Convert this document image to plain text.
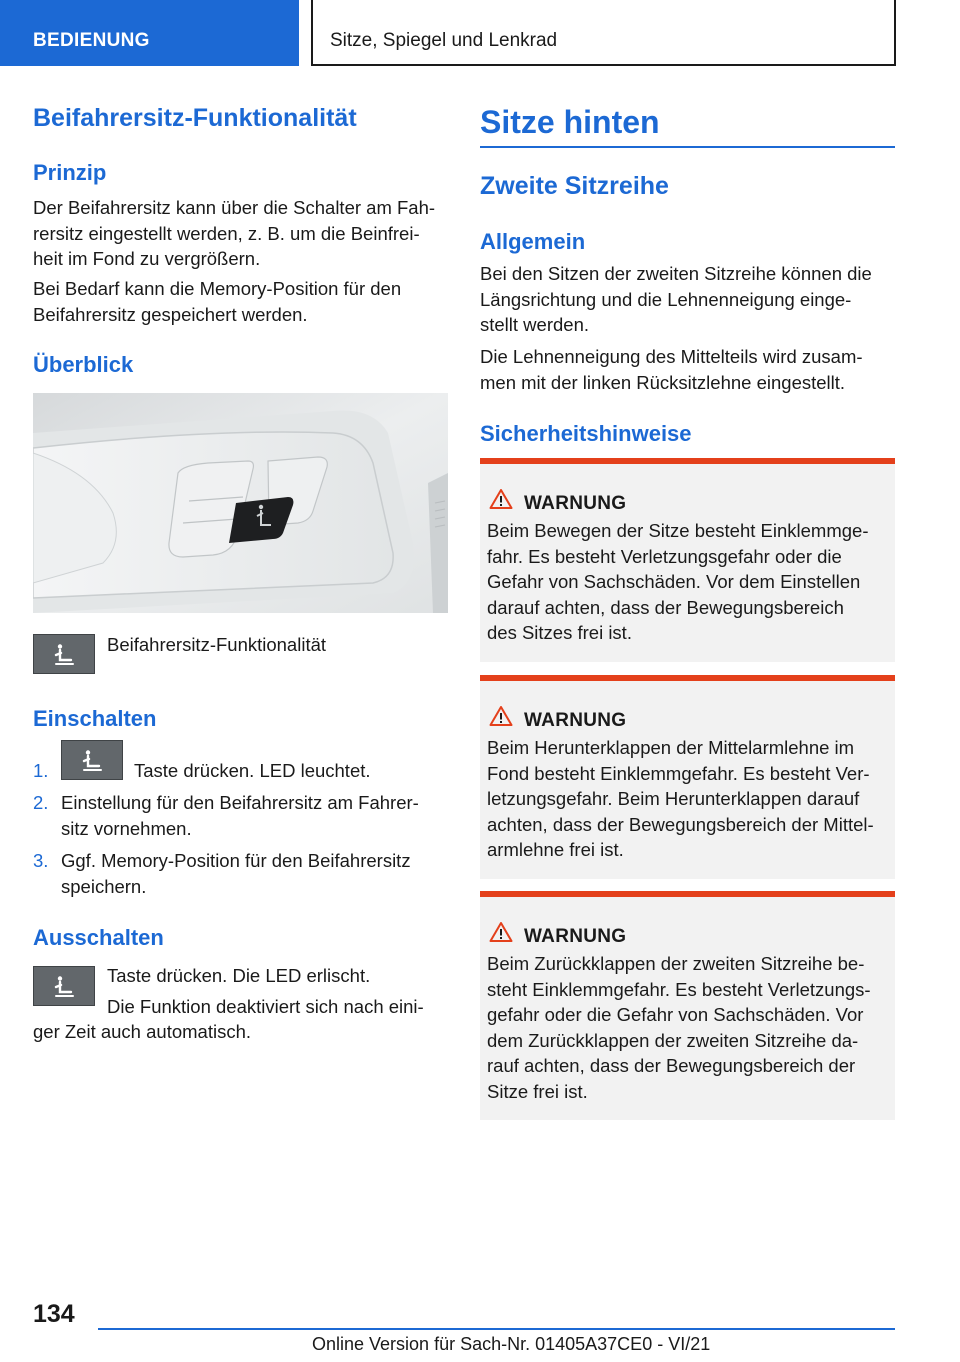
BEDIENUNG	Sitze, Spiegel und Lenkrad
Beifahrersitz-Funktionalität
Prinzip
Der Beifahrersitz kann über die Schalter am Fah-
rersitz eingestellt werden, z. B. um die Beinfrei-
heit im Fond zu vergrößern.
Bei Bedarf kann die Memory-Position für den
Beifahrersitz gespeichert werden.
Überblick
Beifahrersitz-Funktionalität
Einschalten
1.	Taste drücken. LED leuchtet.
2. Einstellung für den Beifahrersitz am Fahrer-
sitz vornehmen.
3. Ggf. Memory-Position für den Beifahrersitz
speichern.
Ausschalten
Taste drücken. Die LED erlischt.
Die Funktion deaktiviert sich nach eini-
ger Zeit auch automatisch.
Sitze hinten
Zweite Sitzreihe
Allgemein
Bei den Sitzen der zweiten Sitzreihe können die
Längsrichtung und die Lehnenneigung einge-
stellt werden.
Die Lehnenneigung des Mittelteils wird zusam-
men mit der linken Rücksitzlehne eingestellt.
Sicherheitshinweise
WARNUNG
Beim Bewegen der Sitze besteht Einklemmge-
fahr. Es besteht Verletzungsgefahr oder die
Gefahr von Sachschäden. Vor dem Einstellen
darauf achten, dass der Bewegungsbereich
des Sitzes frei ist.
WARNUNG
Beim Herunterklappen der Mittelarmlehne im
Fond besteht Einklemmgefahr. Es besteht Ver-
letzungsgefahr. Beim Herunterklappen darauf
achten, dass der Bewegungsbereich der Mittel-
armlehne frei ist.
WARNUNG
Beim Zurückklappen der zweiten Sitzreihe be-
steht Einklemmgefahr. Es besteht Verletzungs-
gefahr oder die Gefahr von Sachschäden. Vor
dem Zurückklappen der zweiten Sitzreihe da-
rauf achten, dass der Bewegungsbereich der
Sitze frei ist.
134
Online Version für Sach-Nr. 01405A37CE0 - VI/21
